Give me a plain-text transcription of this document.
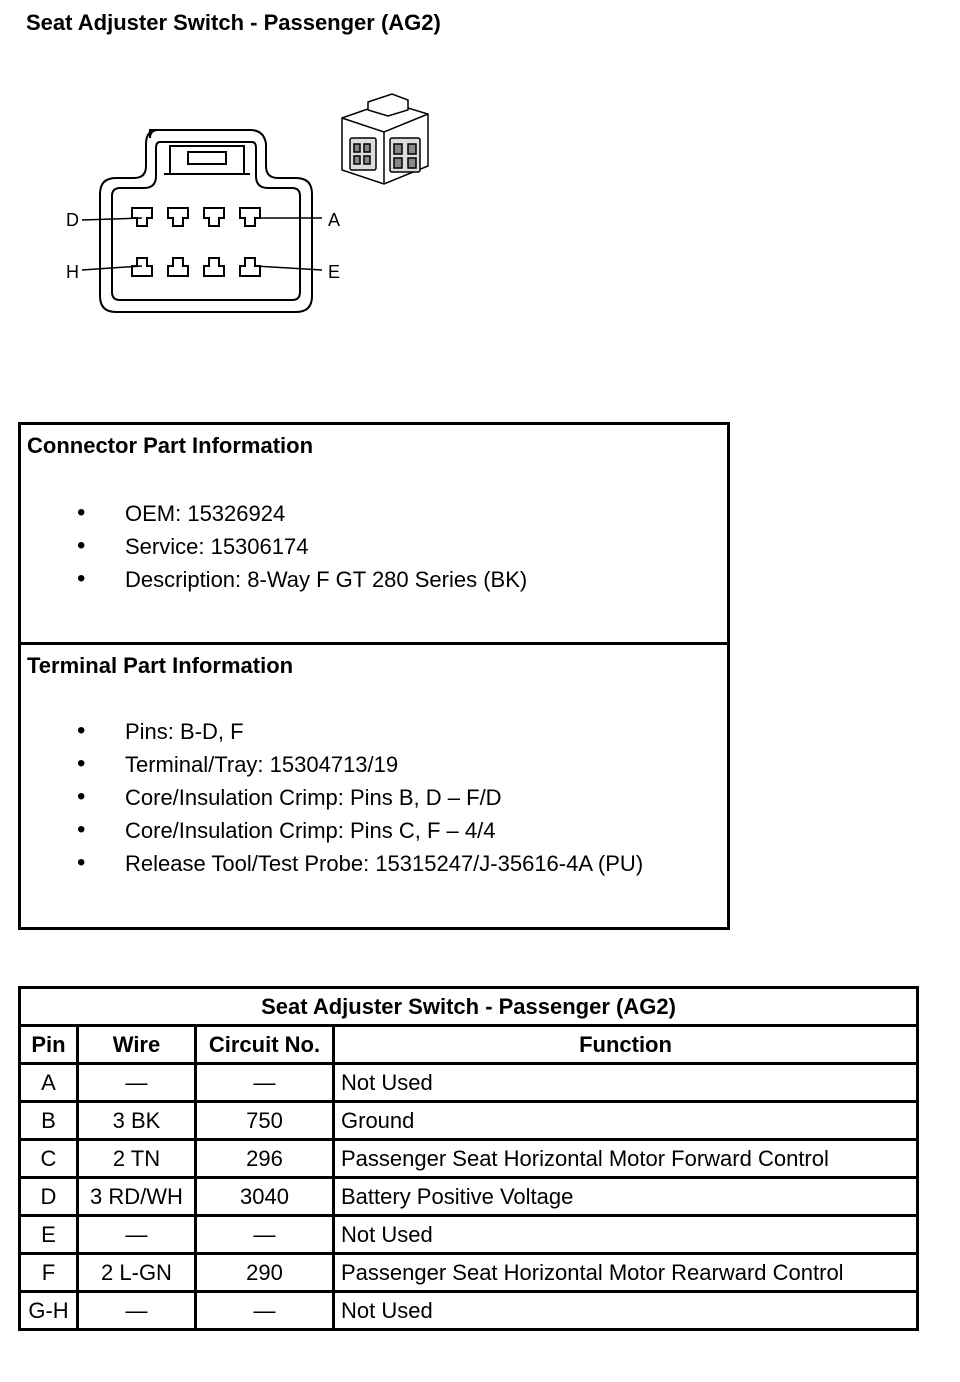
Seat Adjuster Switch - Passenger (AG2)
D	A
H	E
Connector Part Information
• OEM: 15326924
• Service: 15306174
• Description: 8-Way F GT 280 Series (BK)
Terminal Part Information
• Pins: B-D, F
• Terminal/Tray: 15304713/19
• Core/Insulation Crimp: Pins B, D – F/D
• Core/Insulation Crimp: Pins C, F – 4/4
• Release Tool/Test Probe: 15315247/J-35616-4A (PU)
Seat Adjuster Switch - Passenger (AG2)			
Pin	Wire	Circuit No.	Function
A	—	—	Not Used
B	3 BK	750	Ground
C	2 TN	296	Passenger Seat Horizontal Motor Forward Control
D	3 RD/WH	3040	Battery Positive Voltage
E	—	—	Not Used
F	2 L-GN	290	Passenger Seat Horizontal Motor Rearward Control
G-H	—	—	Not Used
